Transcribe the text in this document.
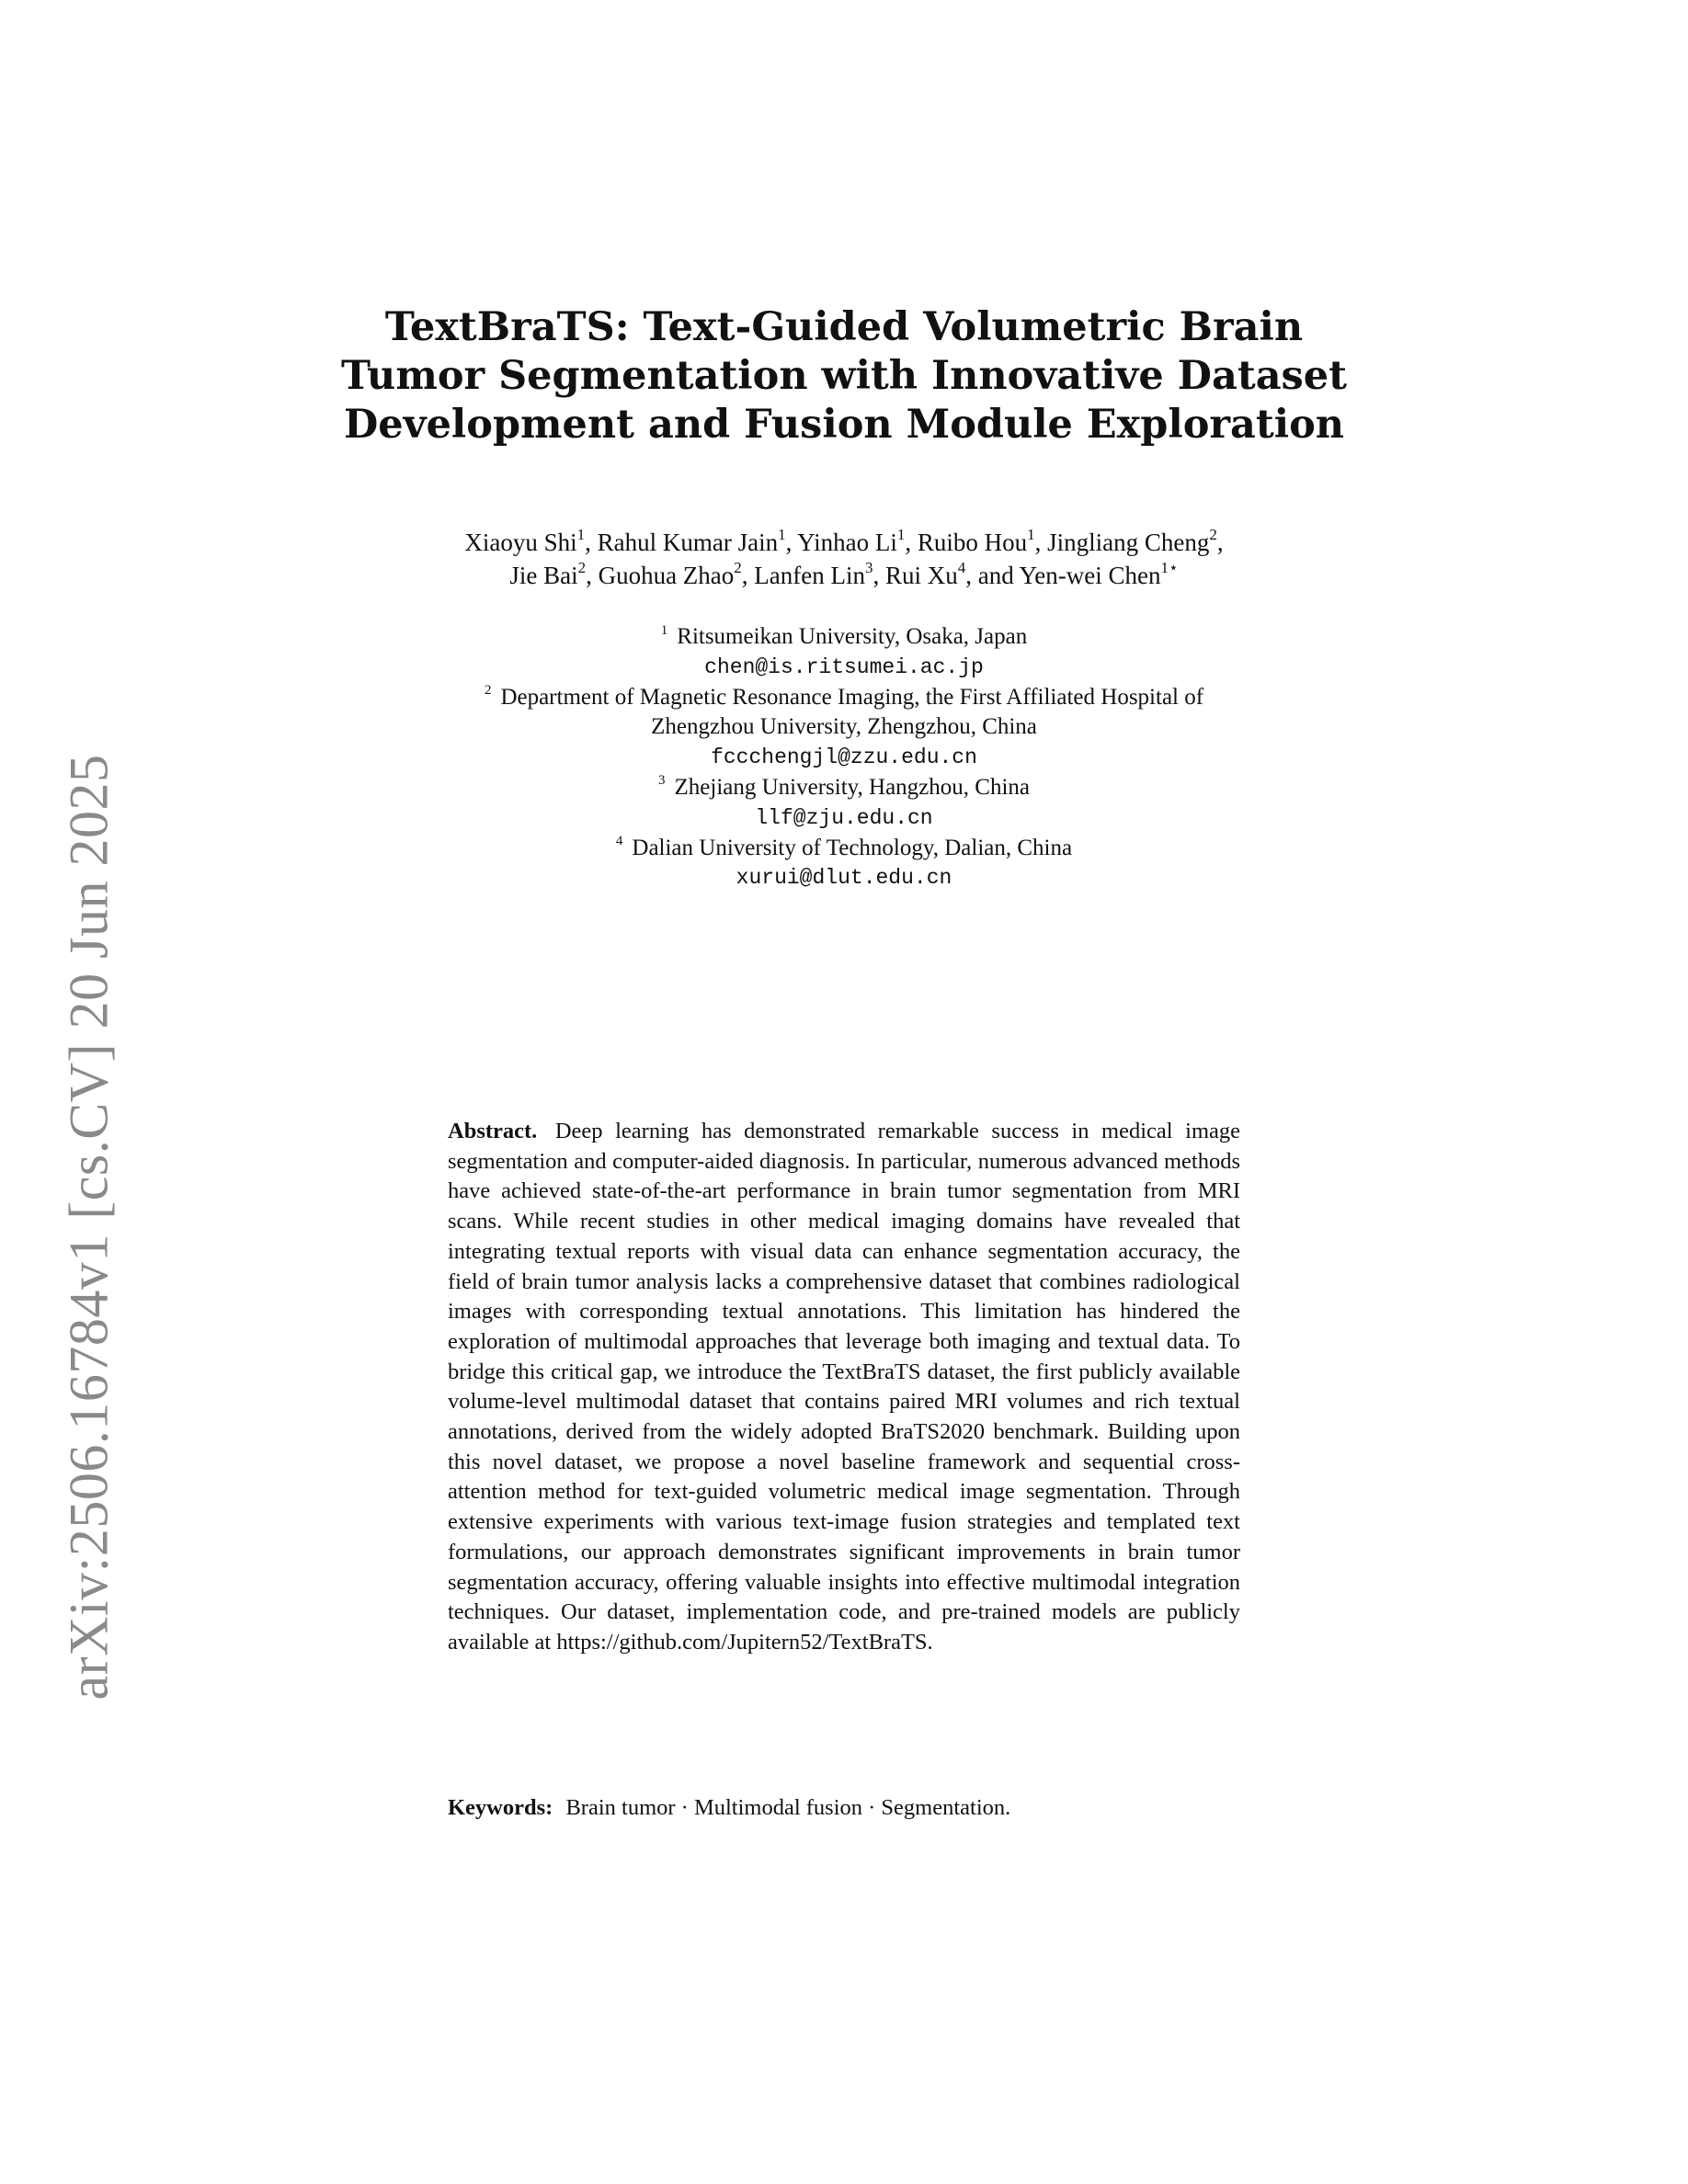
arXiv:2506.16784v1 [cs.CV] 20 Jun 2025
TextBraTS: Text-Guided Volumetric Brain
Tumor Segmentation with Innovative Dataset
Development and Fusion Module Exploration
Xiaoyu Shi$^1$, Rahul Kumar Jain$^1$, Yinhao Li$^1$, Ruibo Hou$^1$, Jingliang Cheng$^2$,
Jie Bai$^2$, Guohua Zhao$^2$, Lanfen Lin$^3$, Rui Xu$^4$, and Yen-wei Chen$^{1⋆}$
$^1$ Ritsumeikan University, Osaka, Japan
chen@is.ritsumei.ac.jp
$^2$ Department of Magnetic Resonance Imaging, the First Affiliated Hospital of
Zhengzhou University, Zhengzhou, China
fccchengjl@zzu.edu.cn
$^3$ Zhejiang University, Hangzhou, China
llf@zju.edu.cn
$^4$ Dalian University of Technology, Dalian, China
xurui@dlut.edu.cn
Abstract. Deep learning has demonstrated remarkable success in medical image segmentation and computer-aided diagnosis. In particular, numerous advanced methods have achieved state-of-the-art performance in brain tumor segmentation from MRI scans. While recent studies in other medical imaging domains have revealed that integrating textual reports with visual data can enhance segmentation accuracy, the field of brain tumor analysis lacks a comprehensive dataset that combines radiological images with corresponding textual annotations. This limitation has hindered the exploration of multimodal approaches that leverage both imaging and textual data. To bridge this critical gap, we introduce the TextBraTS dataset, the first publicly available volume-level multimodal dataset that contains paired MRI volumes and rich textual annotations, derived from the widely adopted BraTS2020 benchmark. Building upon this novel dataset, we propose a novel baseline framework and sequential cross-attention method for text-guided volumetric medical image segmentation. Through extensive experiments with various text-image fusion strategies and templated text formulations, our approach demonstrates significant improvements in brain tumor segmentation accuracy, offering valuable insights into effective multimodal integration techniques. Our dataset, implementation code, and pre-trained models are publicly available at https://github.com/Jupitern52/TextBraTS.
Keywords: Brain tumor · Multimodal fusion · Segmentation.
